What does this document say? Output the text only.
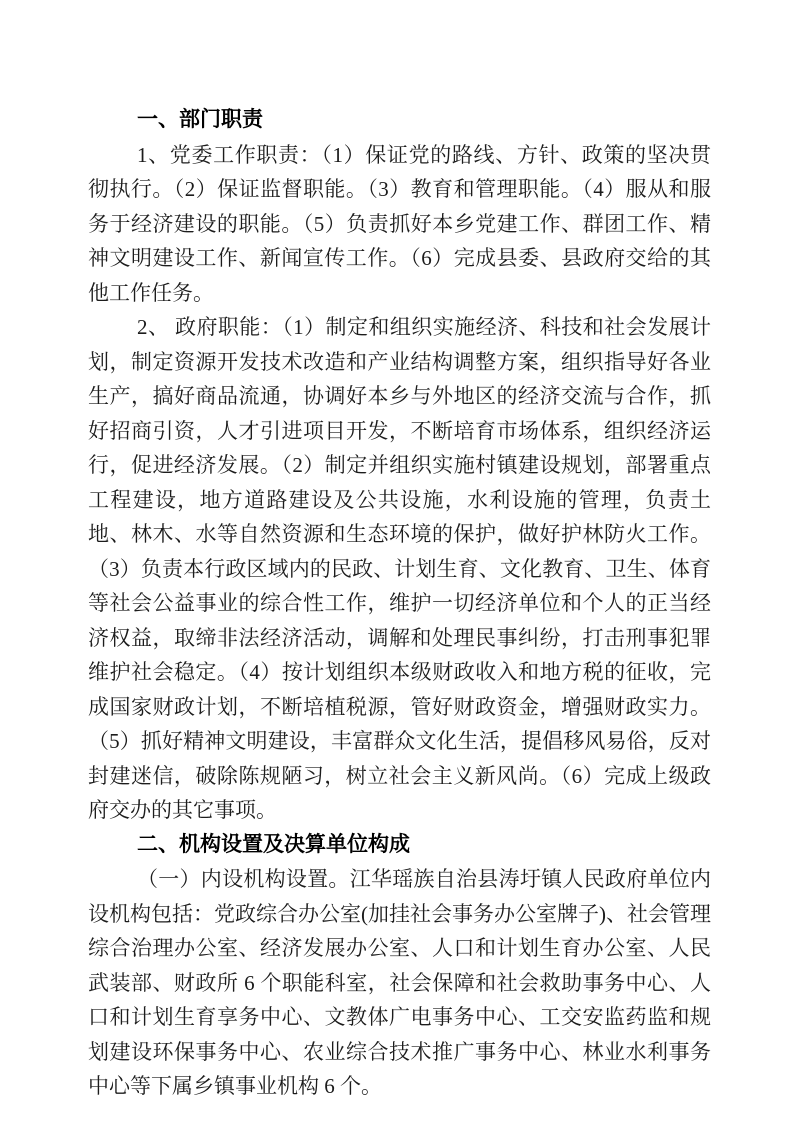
一、部门职责

1、党委工作职责：（1）保证党的路线、方针、政策的坚决贯彻执行。（2）保证监督职能。（3）教育和管理职能。（4）服从和服务于经济建设的职能。（5）负责抓好本乡党建工作、群团工作、精神文明建设工作、新闻宣传工作。（6）完成县委、县政府交给的其他工作任务。

2、 政府职能：（1）制定和组织实施经济、科技和社会发展计划，制定资源开发技术改造和产业结构调整方案，组织指导好各业生产，搞好商品流通，协调好本乡与外地区的经济交流与合作，抓好招商引资，人才引进项目开发，不断培育市场体系，组织经济运行，促进经济发展。（2）制定并组织实施村镇建设规划，部署重点工程建设，地方道路建设及公共设施，水利设施的管理，负责土地、林木、水等自然资源和生态环境的保护，做好护林防火工作。（3）负责本行政区域内的民政、计划生育、文化教育、卫生、体育等社会公益事业的综合性工作，维护一切经济单位和个人的正当经济权益，取缔非法经济活动，调解和处理民事纠纷，打击刑事犯罪维护社会稳定。（4）按计划组织本级财政收入和地方税的征收，完成国家财政计划，不断培植税源，管好财政资金，增强财政实力。（5）抓好精神文明建设，丰富群众文化生活，提倡移风易俗，反对封建迷信，破除陈规陋习，树立社会主义新风尚。（6）完成上级政府交办的其它事项。

二、机构设置及决算单位构成

（一）内设机构设置。江华瑶族自治县涛圩镇人民政府单位内设机构包括：党政综合办公室(加挂社会事务办公室牌子)、社会管理综合治理办公室、经济发展办公室、人口和计划生育办公室、人民武装部、财政所 6 个职能科室，社会保障和社会救助事务中心、人口和计划生育享务中心、文教体广电事务中心、工交安监药监和规划建设环保事务中心、农业综合技术推广事务中心、林业水利事务中心等下属乡镇事业机构 6 个。
